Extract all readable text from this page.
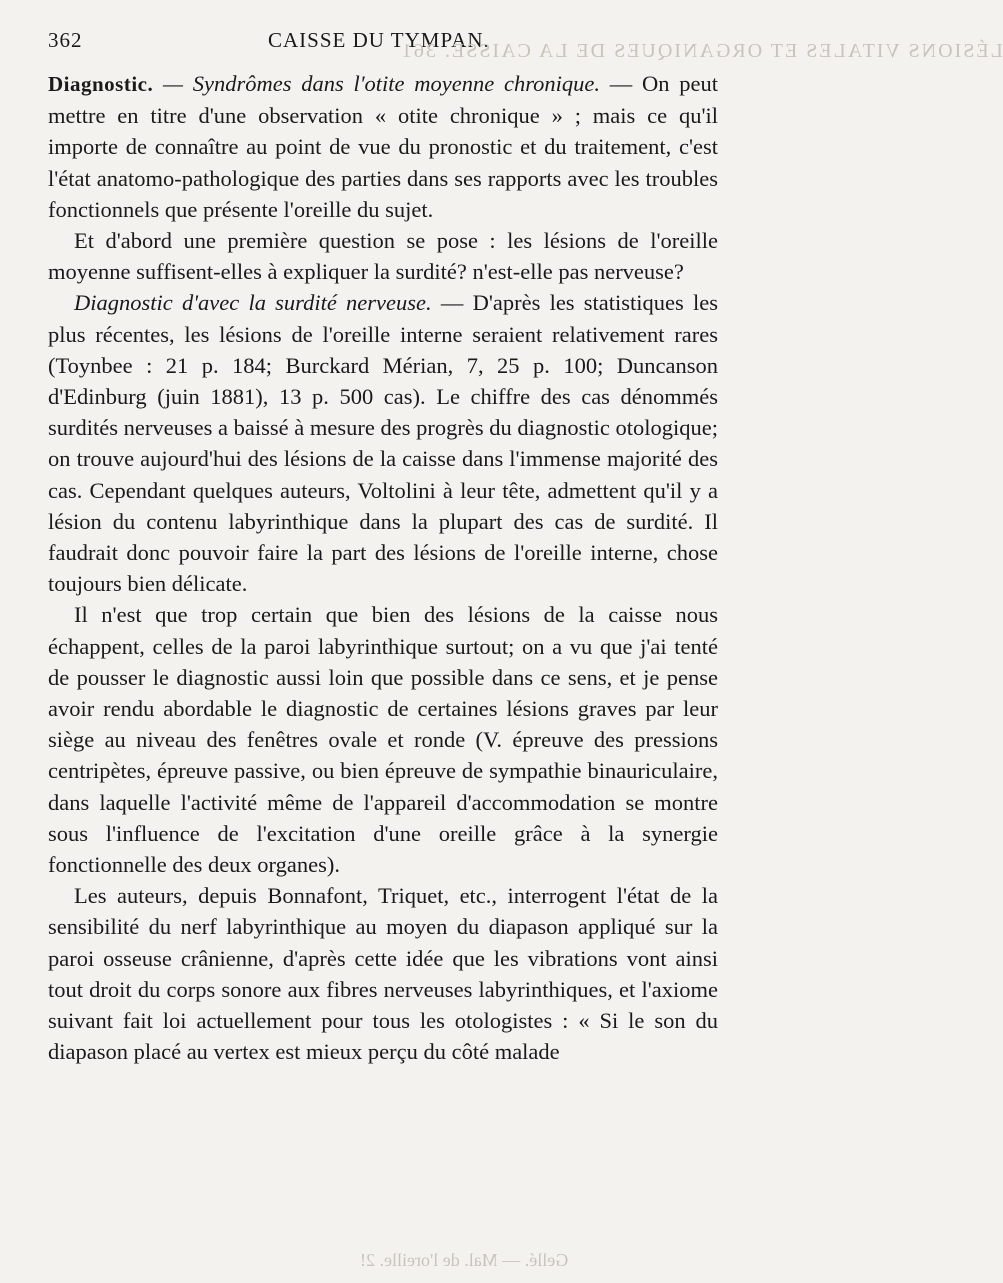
362	CAISSE DU TYMPAN.
LÉSIONS VITALES ET ORGANIQUES DE LA CAISSE. 361

Diagnostic. — Syndrômes dans l'otite moyenne chronique. — On peut mettre en titre d'une observation « otite chronique » ; mais ce qu'il importe de connaître au point de vue du pronostic et du traitement, c'est l'état anatomo-pathologique des parties dans ses rapports avec les troubles fonctionnels que présente l'oreille du sujet.

Et d'abord une première question se pose : les lésions de l'oreille moyenne suffisent-elles à expliquer la surdité? n'est-elle pas nerveuse?

Diagnostic d'avec la surdité nerveuse. — D'après les statistiques les plus récentes, les lésions de l'oreille interne seraient relativement rares (Toynbee : 21 p. 184; Burckard Mérian, 7, 25 p. 100; Duncanson d'Edinburg (juin 1881), 13 p. 500 cas). Le chiffre des cas dénommés surdités nerveuses a baissé à mesure des progrès du diagnostic otologique; on trouve aujourd'hui des lésions de la caisse dans l'immense majorité des cas. Cependant quelques auteurs, Voltolini à leur tête, admettent qu'il y a lésion du contenu labyrinthique dans la plupart des cas de surdité. Il faudrait donc pouvoir faire la part des lésions de l'oreille interne, chose toujours bien délicate.

Il n'est que trop certain que bien des lésions de la caisse nous échappent, celles de la paroi labyrinthique surtout; on a vu que j'ai tenté de pousser le diagnostic aussi loin que possible dans ce sens, et je pense avoir rendu abordable le diagnostic de certaines lésions graves par leur siège au niveau des fenêtres ovale et ronde (V. épreuve des pressions centripètes, épreuve passive, ou bien épreuve de sympathie binauriculaire, dans laquelle l'activité même de l'appareil d'accommodation se montre sous l'influence de l'excitation d'une oreille grâce à la synergie fonctionnelle des deux organes).

Les auteurs, depuis Bonnafont, Triquet, etc., interrogent l'état de la sensibilité du nerf labyrinthique au moyen du diapason appliqué sur la paroi osseuse crânienne, d'après cette idée que les vibrations vont ainsi tout droit du corps sonore aux fibres nerveuses labyrinthiques, et l'axiome suivant fait loi actuellement pour tous les otologistes : « Si le son du diapason placé au vertex est mieux perçu du côté malade

Gellé. — Mal. de l'oreille. 2!
